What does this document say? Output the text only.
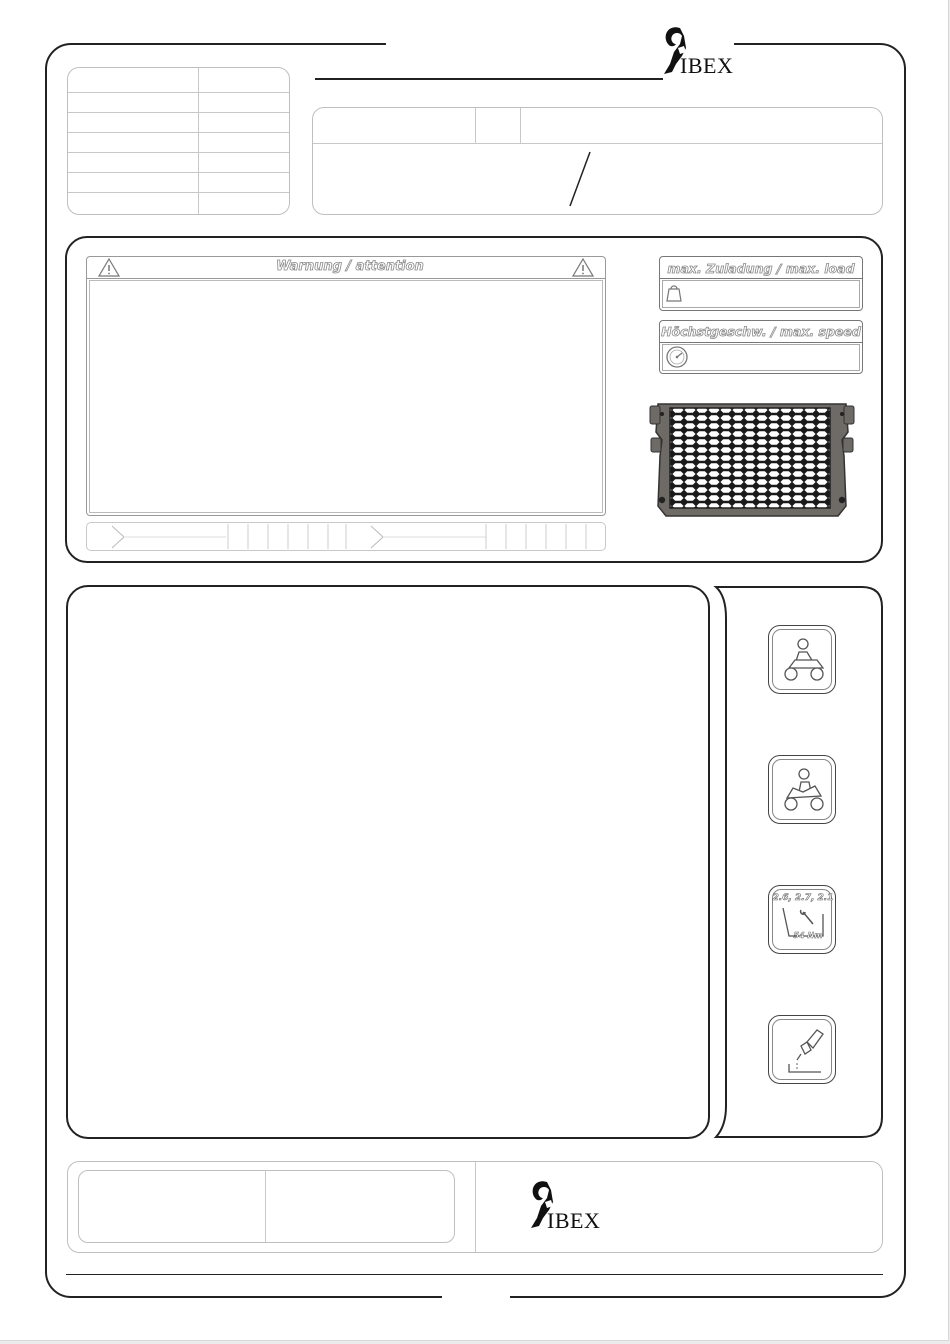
IBEX
Warnung / attention	max. Zuladung / max. load
Höchstgeschw. / max. speed
2.6, 2.7, 2.1
54 Nm
IBEX
